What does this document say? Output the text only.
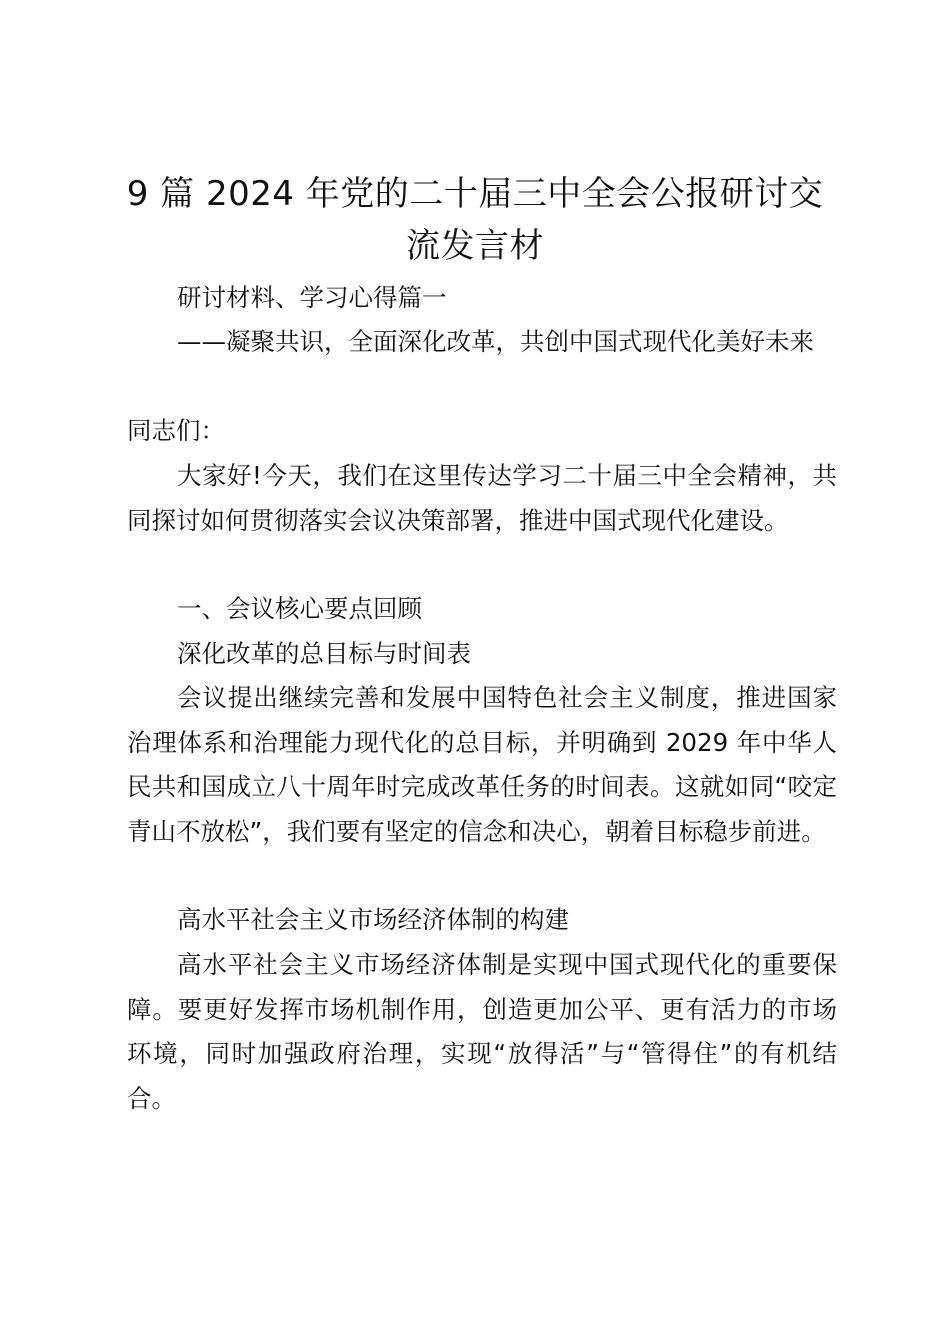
9 篇 2024 年党的二十届三中全会公报研讨交流发言材

研讨材料、学习心得篇一

——凝聚共识，全面深化改革，共创中国式现代化美好未来

同志们：

大家好!今天，我们在这里传达学习二十届三中全会精神，共同探讨如何贯彻落实会议决策部署，推进中国式现代化建设。

一、会议核心要点回顾

深化改革的总目标与时间表

会议提出继续完善和发展中国特色社会主义制度，推进国家治理体系和治理能力现代化的总目标，并明确到 2029 年中华人民共和国成立八十周年时完成改革任务的时间表。这就如同“咬定青山不放松”，我们要有坚定的信念和决心，朝着目标稳步前进。

高水平社会主义市场经济体制的构建

高水平社会主义市场经济体制是实现中国式现代化的重要保障。要更好发挥市场机制作用，创造更加公平、更有活力的市场环境，同时加强政府治理，实现“放得活”与“管得住”的有机结合。
